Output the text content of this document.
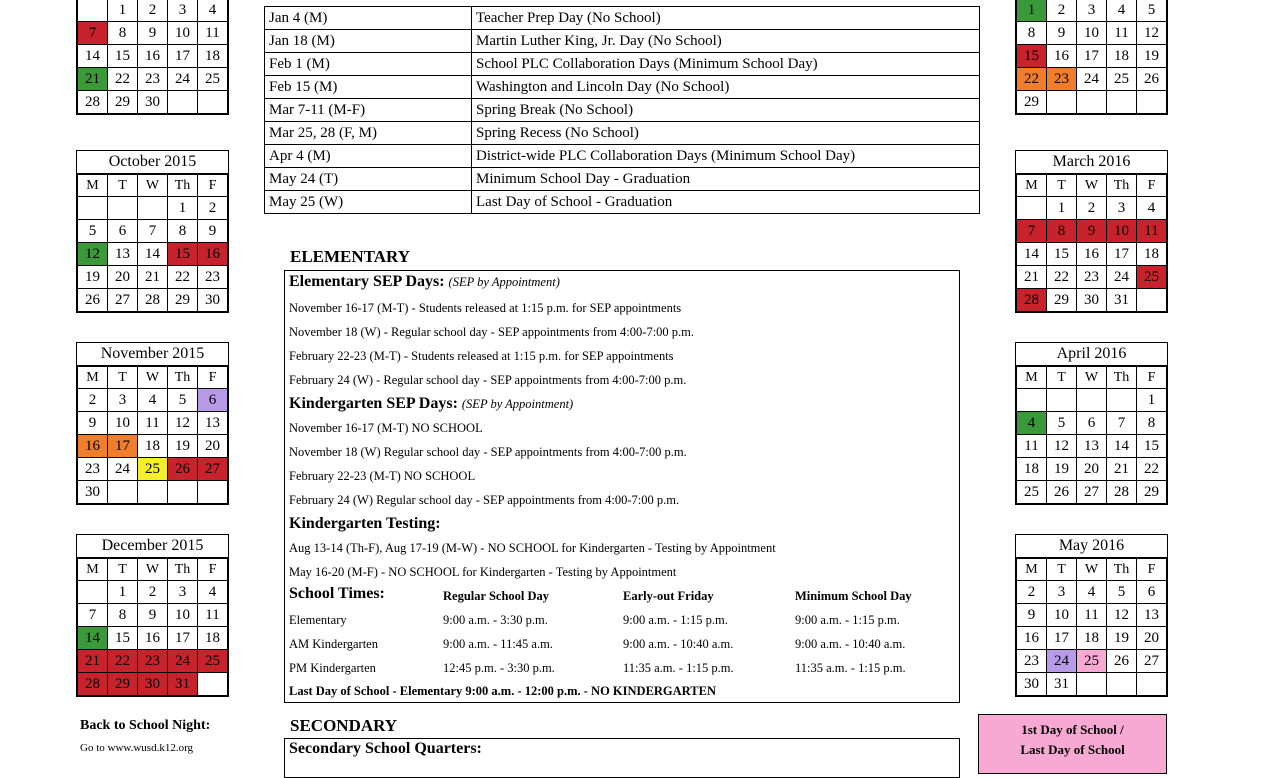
	1	2	3	4
7	8	9	10	11
14	15	16	17	18
21	22	23	24	25
28	29	30		
October 2015
M	T	W	Th	F
			1	2
5	6	7	8	9
12	13	14	15	16
19	20	21	22	23
26	27	28	29	30
November 2015
M	T	W	Th	F
2	3	4	5	6
9	10	11	12	13
16	17	18	19	20
23	24	25	26	27
30				
December 2015
M	T	W	Th	F
	1	2	3	4
7	8	9	10	11
14	15	16	17	18
21	22	23	24	25
28	29	30	31	
1	2	3	4	5
8	9	10	11	12
15	16	17	18	19
22	23	24	25	26
29				
March 2016
M	T	W	Th	F
	1	2	3	4
7	8	9	10	11
14	15	16	17	18
21	22	23	24	25
28	29	30	31	
April 2016
M	T	W	Th	F
				1
4	5	6	7	8
11	12	13	14	15
18	19	20	21	22
25	26	27	28	29
May 2016
M	T	W	Th	F
2	3	4	5	6
9	10	11	12	13
16	17	18	19	20
23	24	25	26	27
30	31			
Jan 4 (M)	Teacher Prep Day (No School)
Jan 18 (M)	Martin Luther King, Jr. Day (No School)
Feb 1 (M)	School PLC Collaboration Days (Minimum School Day)
Feb 15 (M)	Washington and Lincoln Day (No School)
Mar 7-11 (M-F)	Spring Break (No School)
Mar 25, 28 (F, M)	Spring Recess (No School)
Apr 4 (M)	District-wide PLC Collaboration Days (Minimum School Day)
May 24 (T)	Minimum School Day - Graduation
May 25 (W)	Last Day of School - Graduation
ELEMENTARY
Elementary SEP Days: (SEP by Appointment)
November 16-17 (M-T) - Students released at 1:15 p.m. for SEP appointments
November 18 (W) - Regular school day - SEP appointments from 4:00-7:00 p.m.
February 22-23 (M-T) - Students released at 1:15 p.m. for SEP appointments
February 24 (W) - Regular school day - SEP appointments from 4:00-7:00 p.m.
Kindergarten SEP Days: (SEP by Appointment)
November 16-17 (M-T) NO SCHOOL
November 18 (W) Regular school day - SEP appointments from 4:00-7:00 p.m.
February 22-23 (M-T) NO SCHOOL
February 24 (W) Regular school day - SEP appointments from 4:00-7:00 p.m.
Kindergarten Testing:
Aug 13-14 (Th-F), Aug 17-19 (M-W) - NO SCHOOL for Kindergarten - Testing by Appointment
May 16-20 (M-F) - NO SCHOOL for Kindergarten - Testing by Appointment
School Times:	Regular School Day	Early-out Friday	Minimum School Day
Elementary	9:00 a.m. - 3:30 p.m.	9:00 a.m. - 1:15 p.m.	9:00 a.m. - 1:15 p.m.
AM Kindergarten	9:00 a.m. - 11:45 a.m.	9:00 a.m. - 10:40 a.m.	9:00 a.m. - 10:40 a.m.
PM Kindergarten	12:45 p.m. - 3:30 p.m.	11:35 a.m. - 1:15 p.m.	11:35 a.m. - 1:15 p.m.
Last Day of School - Elementary 9:00 a.m. - 12:00 p.m. - NO KINDERGARTEN
SECONDARY
Secondary School Quarters:
Back to School Night:
Go to www.wusd.k12.org
1st Day of School /
Last Day of School
